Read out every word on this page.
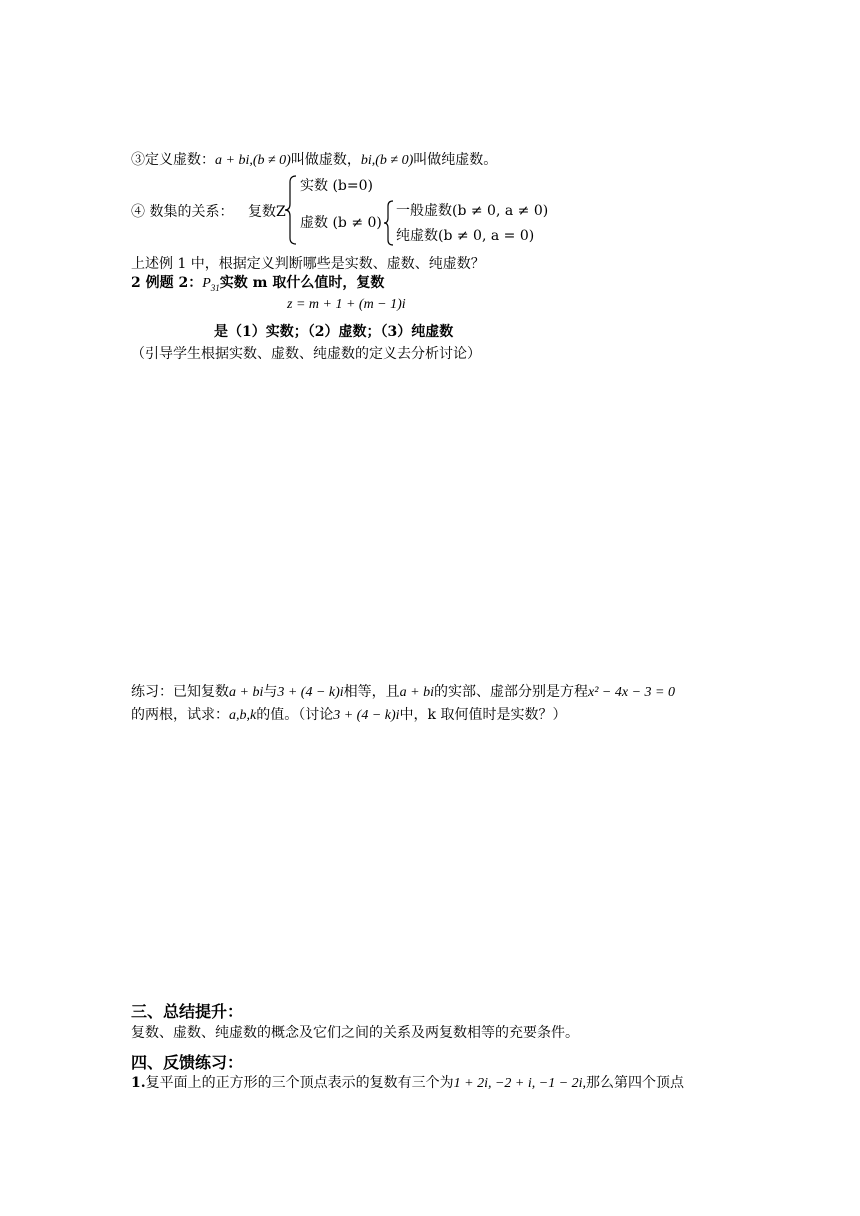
③定义虚数：a + bi,(b ≠ 0)叫做虚数，bi,(b ≠ 0)叫做纯虚数。
④ 数集的关系： 复数Z
实数 (b=0)
虚数 (b ≠ 0)
一般虚数(b ≠ 0, a ≠ 0)
纯虚数(b ≠ 0, a = 0)
上述例 1 中，根据定义判断哪些是实数、虚数、纯虚数？
2 例题 2：$P_{31}$实数 m 取什么值时，复数
z = m + 1 + (m − 1)i
是（1）实数；（2）虚数；（3）纯虚数
（引导学生根据实数、虚数、纯虚数的定义去分析讨论）
练习：已知复数a + bi与3 + (4 − k)i相等，且a + bi的实部、虚部分别是方程x² − 4x − 3 = 0
的两根，试求：a,b,k的值。（讨论3 + (4 − k)i中，k 取何值时是实数？）
三、总结提升：
复数、虚数、纯虚数的概念及它们之间的关系及两复数相等的充要条件。
四、反馈练习：
1.复平面上的正方形的三个顶点表示的复数有三个为1 + 2i, −2 + i, −1 − 2i,那么第四个顶点
